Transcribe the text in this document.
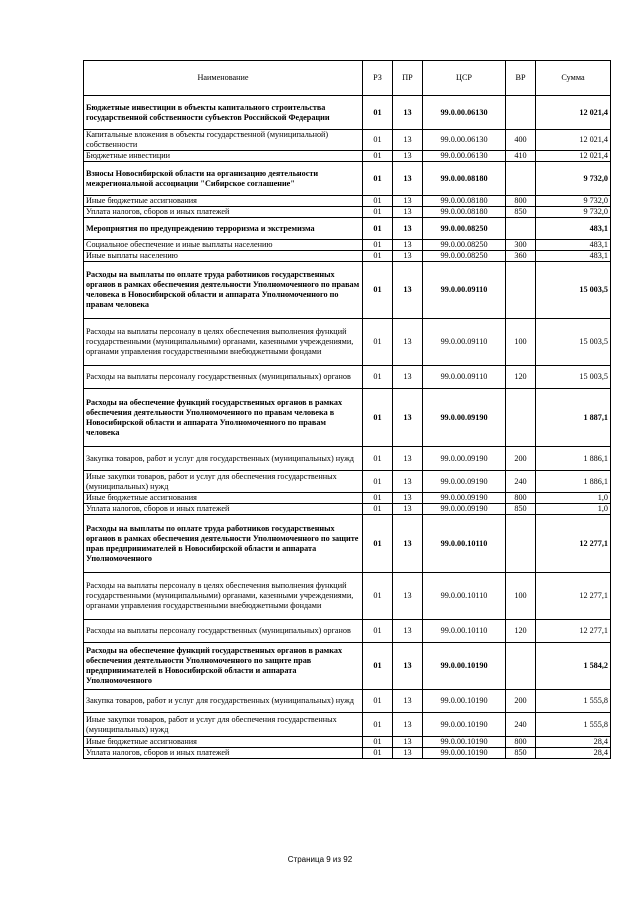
Наименование	РЗ	ПР	ЦСР	ВР	Сумма
Бюджетные инвестиции в объекты капитального строительства государственной собственности субъектов Российской Федерации	01	13	99.0.00.06130		12 021,4
Капитальные вложения в объекты государственной (муниципальной) собственности	01	13	99.0.00.06130	400	12 021,4
Бюджетные инвестиции	01	13	99.0.00.06130	410	12 021,4
Взносы Новосибирской области на организацию деятельности межрегиональной ассоциации "Сибирское соглашение"	01	13	99.0.00.08180		9 732,0
Иные бюджетные ассигнования	01	13	99.0.00.08180	800	9 732,0
Уплата налогов, сборов и иных платежей	01	13	99.0.00.08180	850	9 732,0
Мероприятия по предупреждению терроризма и экстремизма	01	13	99.0.00.08250		483,1
Социальное обеспечение и иные выплаты населению	01	13	99.0.00.08250	300	483,1
Иные выплаты населению	01	13	99.0.00.08250	360	483,1
Расходы на выплаты по оплате труда работников государственных органов в рамках обеспечения деятельности Уполномоченного по правам человека в Новосибирской области и аппарата Уполномоченного по правам человека	01	13	99.0.00.09110		15 003,5
Расходы на выплаты персоналу в целях обеспечения выполнения функций государственными (муниципальными) органами, казенными учреждениями, органами управления государственными внебюджетными фондами	01	13	99.0.00.09110	100	15 003,5
Расходы на выплаты персоналу государственных (муниципальных) органов	01	13	99.0.00.09110	120	15 003,5
Расходы на обеспечение функций государственных органов в рамках обеспечения деятельности Уполномоченного по правам человека в Новосибирской области и аппарата Уполномоченного по правам человека	01	13	99.0.00.09190		1 887,1
Закупка товаров, работ и услуг для государственных (муниципальных) нужд	01	13	99.0.00.09190	200	1 886,1
Иные закупки товаров, работ и услуг для обеспечения государственных (муниципальных) нужд	01	13	99.0.00.09190	240	1 886,1
Иные бюджетные ассигнования	01	13	99.0.00.09190	800	1,0
Уплата налогов, сборов и иных платежей	01	13	99.0.00.09190	850	1,0
Расходы на выплаты по оплате труда работников государственных органов в рамках обеспечения деятельности Уполномоченного по защите прав предпринимателей в Новосибирской области и аппарата Уполномоченного	01	13	99.0.00.10110		12 277,1
Расходы на выплаты персоналу в целях обеспечения выполнения функций государственными (муниципальными) органами, казенными учреждениями, органами управления государственными внебюджетными фондами	01	13	99.0.00.10110	100	12 277,1
Расходы на выплаты персоналу государственных (муниципальных) органов	01	13	99.0.00.10110	120	12 277,1
Расходы на обеспечение функций государственных органов в рамках обеспечения деятельности Уполномоченного по защите прав предпринимателей в Новосибирской области и аппарата Уполномоченного	01	13	99.0.00.10190		1 584,2
Закупка товаров, работ и услуг для государственных (муниципальных) нужд	01	13	99.0.00.10190	200	1 555,8
Иные закупки товаров, работ и услуг для обеспечения государственных (муниципальных) нужд	01	13	99.0.00.10190	240	1 555,8
Иные бюджетные ассигнования	01	13	99.0.00.10190	800	28,4
Уплата налогов, сборов и иных платежей	01	13	99.0.00.10190	850	28,4
Страница 9 из 92
